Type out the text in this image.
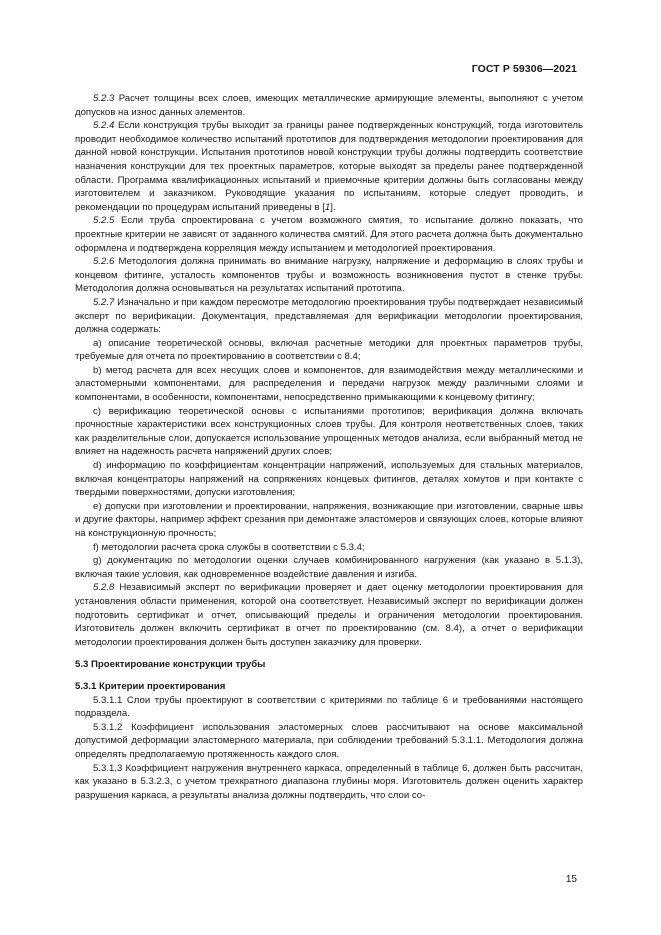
ГОСТ Р 59306—2021

5.2.3 Расчет толщины всех слоев, имеющих металлические армирующие элементы, выполняют с учетом допусков на износ данных элементов.

5.2.4 Если конструкция трубы выходит за границы ранее подтвержденных конструкций, тогда изготовитель проводит необходимое количество испытаний прототипов для подтверждения методологии проектирования для данной новой конструкции. Испытания прототипов новой конструкции трубы должны подтвердить соответствие назначения конструкции для тех проектных параметров, которые выходят за пределы ранее подтвержденной области. Программа квалификационных испытаний и приемочные критерии должны быть согласованы между изготовителем и заказчиком. Руководящие указания по испытаниям, которые следует проводить, и рекомендации по процедурам испытаний приведены в [1].

5.2.5 Если труба спроектирована с учетом возможного смятия, то испытание должно показать, что проектные критерии не зависят от заданного количества смятий. Для этого расчета должна быть документально оформлена и подтверждена корреляция между испытанием и методологией проектирования.

5.2.6 Методология должна принимать во внимание нагрузку, напряжение и деформацию в слоях трубы и концевом фитинге, усталость компонентов трубы и возможность возникновения пустот в стенке трубы. Методология должна основываться на результатах испытаний прототипа.

5.2.7 Изначально и при каждом пересмотре методологию проектирования трубы подтверждает независимый эксперт по верификации. Документация, представляемая для верификации методологии проектирования, должна содержать:

a) описание теоретической основы, включая расчетные методики для проектных параметров трубы, требуемые для отчета по проектированию в соответствии с 8.4;

b) метод расчета для всех несущих слоев и компонентов, для взаимодействия между металлическими и эластомерными компонентами, для распределения и передачи нагрузок между различными слоями и компонентами, в особенности, компонентами, непосредственно примыкающими к концевому фитингу;

c) верификацию теоретической основы с испытаниями прототипов; верификация должна включать прочностные характеристики всех конструкционных слоев трубы. Для контроля неответственных слоев, таких как разделительные слои, допускается использование упрощенных методов анализа, если выбранный метод не влияет на надежность расчета напряжений других слоев;

d) информацию по коэффициентам концентрации напряжений, используемых для стальных материалов, включая концентраторы напряжений на сопряжениях концевых фитингов, деталях хомутов и при контакте с твердыми поверхностями, допуски изготовления;

e) допуски при изготовлении и проектировании, напряжения, возникающие при изготовлении, сварные швы и другие факторы, например эффект срезания при демонтаже эластомеров и связующих слоев, которые влияют на конструкционную прочность;

f) методологии расчета срока службы в соответствии с 5.3.4;

g) документацию по методологии оценки случаев комбинированного нагружения (как указано в 5.1.3), включая такие условия, как одновременное воздействие давления и изгиба.

5.2.8 Независимый эксперт по верификации проверяет и дает оценку методологии проектирования для установления области применения, которой она соответствует. Независимый эксперт по верификации должен подготовить сертификат и отчет, описывающий пределы и ограничения методологии проектирования. Изготовитель должен включить сертификат в отчет по проектированию (см. 8.4), а отчет о верификации методологии проектирования должен быть доступен заказчику для проверки.

5.3 Проектирование конструкции трубы
5.3.1 Критерии проектирования

5.3.1.1 Слои трубы проектируют в соответствии с критериями по таблице 6 и требованиями настоящего подраздела.

5.3.1.2 Коэффициент использования эластомерных слоев рассчитывают на основе максимальной допустимой деформации эластомерного материала, при соблюдении требований 5.3.1.1. Методология должна определять предполагаемую протяженность каждого слоя.

5.3.1.3 Коэффициент нагружения внутреннего каркаса, определенный в таблице 6, должен быть рассчитан, как указано в 5.3.2.3, с учетом трехкратного диапазона глубины моря. Изготовитель должен оценить характер разрушения каркаса, а результаты анализа должны подтвердить, что слои со-

15
